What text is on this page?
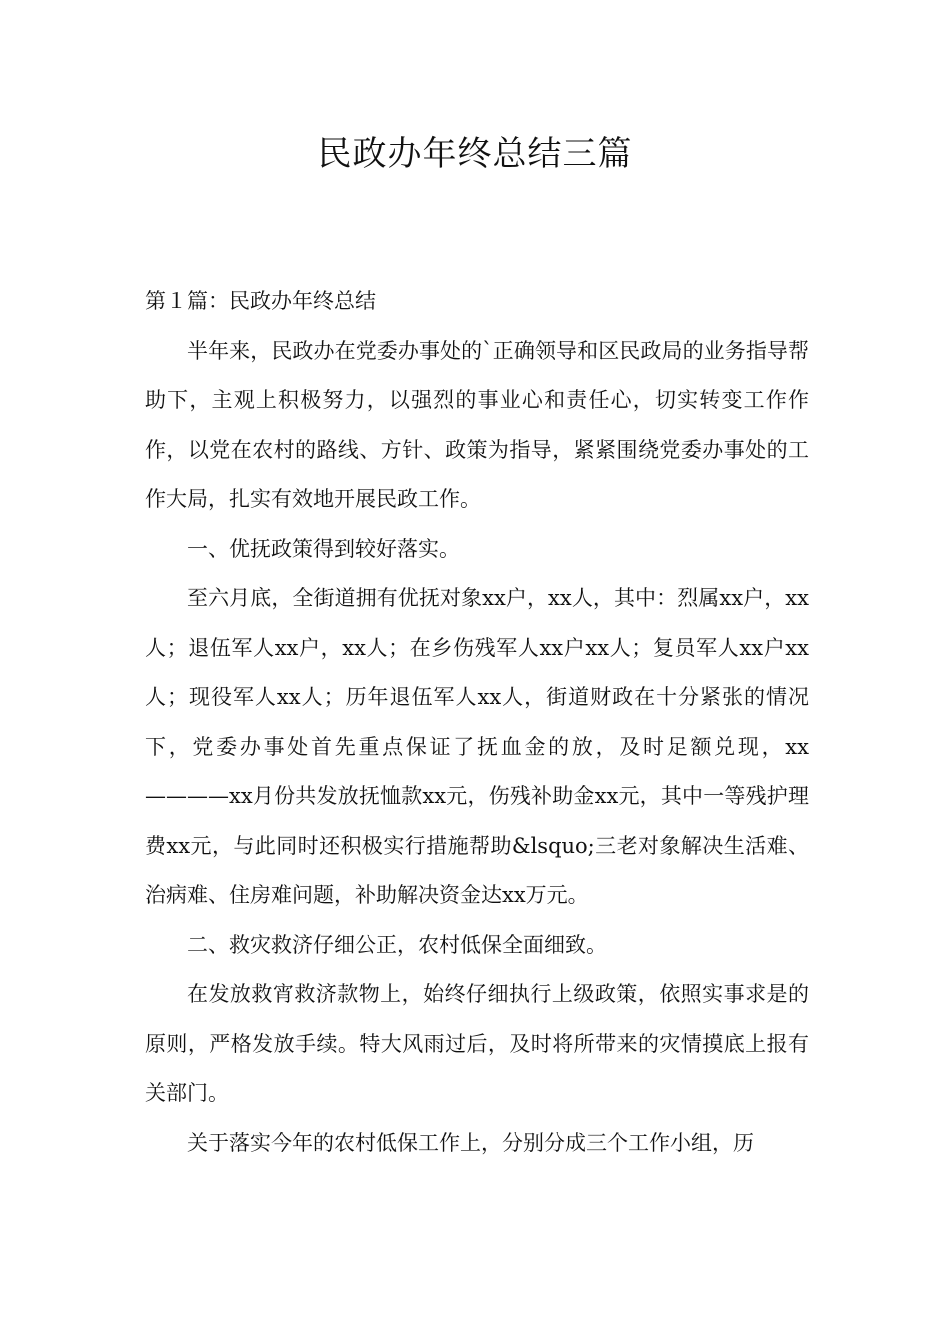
民政办年终总结三篇

第１篇：民政办年终总结

半年来，民政办在党委办事处的`正确领导和区民政局的业务指导帮助下，主观上积极努力，以强烈的事业心和责任心，切实转变工作作作，以党在农村的路线、方针、政策为指导，紧紧围绕党委办事处的工作大局，扎实有效地开展民政工作。

一、优抚政策得到较好落实。

至六月底，全街道拥有优抚对象xx户，xx人，其中：烈属xx户，xx人；退伍军人xx户，xx人；在乡伤残军人xx户xx人；复员军人xx户xx人；现役军人xx人；历年退伍军人xx人，街道财政在十分紧张的情况下，党委办事处首先重点保证了抚血金的放，及时足额兑现，xx————xx月份共发放抚恤款xx元，伤残补助金xx元，其中一等残护理费xx元，与此同时还积极实行措施帮助&lsquo;三老对象解决生活难、治病难、住房难问题，补助解决资金达xx万元。

二、救灾救济仔细公正，农村低保全面细致。

在发放救宵救济款物上，始终仔细执行上级政策，依照实事求是的原则，严格发放手续。特大风雨过后，及时将所带来的灾情摸底上报有关部门。

关于落实今年的农村低保工作上，分别分成三个工作小组，历
